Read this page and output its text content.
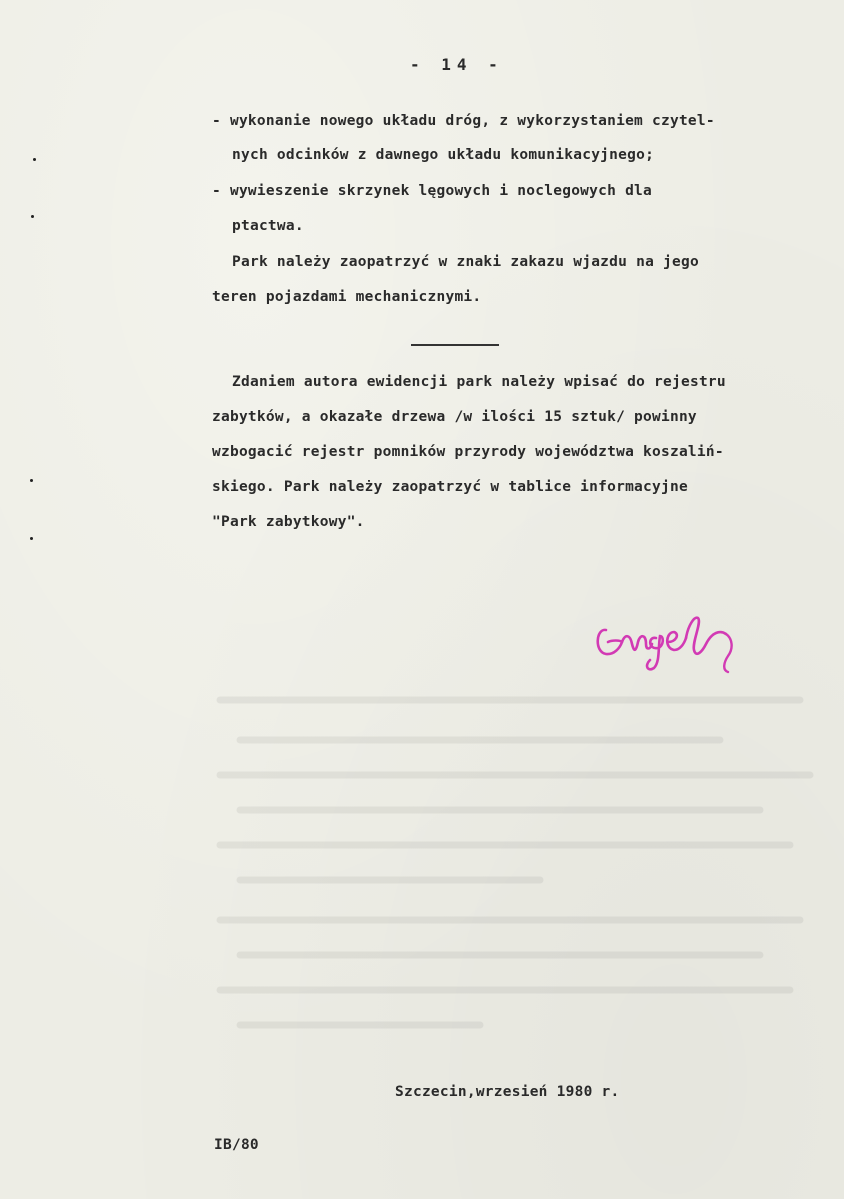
- 14 -
- wykonanie nowego układu dróg, z wykorzystaniem czytel-
nych odcinków z dawnego układu komunikacyjnego;
- wywieszenie skrzynek lęgowych i noclegowych dla
ptactwa.
Park należy zaopatrzyć w znaki zakazu wjazdu na jego
teren pojazdami mechanicznymi.
Zdaniem autora ewidencji park należy wpisać do rejestru
zabytków, a okazałe drzewa /w ilości 15 sztuk/ powinny
wzbogacić rejestr pomników przyrody województwa koszaliń-
skiego. Park należy zaopatrzyć w tablice informacyjne
"Park zabytkowy".
Szczecin,wrzesień 1980 r.
IB/80
